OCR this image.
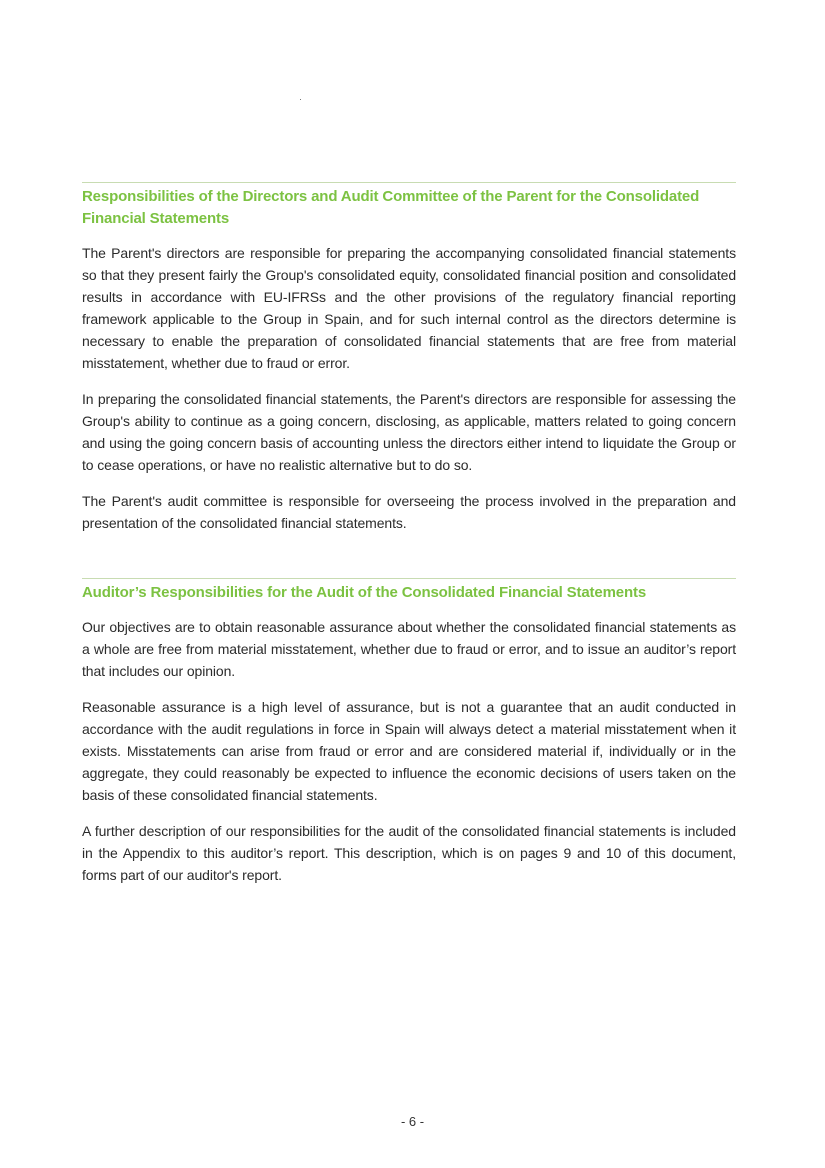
Responsibilities of the Directors and Audit Committee of the Parent for the Consolidated Financial Statements

The Parent's directors are responsible for preparing the accompanying consolidated financial statements so that they present fairly the Group's consolidated equity, consolidated financial position and consolidated results in accordance with EU-IFRSs and the other provisions of the regulatory financial reporting framework applicable to the Group in Spain, and for such internal control as the directors determine is necessary to enable the preparation of consolidated financial statements that are free from material misstatement, whether due to fraud or error.

In preparing the consolidated financial statements, the Parent's directors are responsible for assessing the Group's ability to continue as a going concern, disclosing, as applicable, matters related to going concern and using the going concern basis of accounting unless the directors either intend to liquidate the Group or to cease operations, or have no realistic alternative but to do so.

The Parent's audit committee is responsible for overseeing the process involved in the preparation and presentation of the consolidated financial statements.

Auditor’s Responsibilities for the Audit of the Consolidated Financial Statements

Our objectives are to obtain reasonable assurance about whether the consolidated financial statements as a whole are free from material misstatement, whether due to fraud or error, and to issue an auditor’s report that includes our opinion.

Reasonable assurance is a high level of assurance, but is not a guarantee that an audit conducted in accordance with the audit regulations in force in Spain will always detect a material misstatement when it exists. Misstatements can arise from fraud or error and are considered material if, individually or in the aggregate, they could reasonably be expected to influence the economic decisions of users taken on the basis of these consolidated financial statements.

A further description of our responsibilities for the audit of the consolidated financial statements is included in the Appendix to this auditor’s report. This description, which is on pages 9 and 10 of this document, forms part of our auditor's report.

- 6 -
